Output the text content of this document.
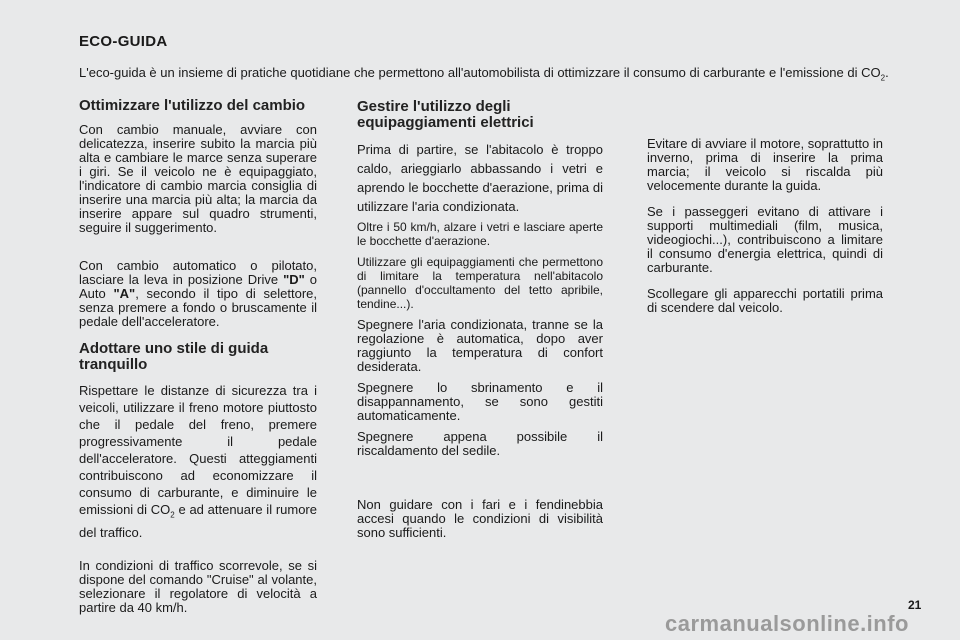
ECO-GUIDA
L'eco-guida è un insieme di pratiche quotidiane che permettono all'automobilista di ottimizzare il consumo di carburante e l'emissione di $CO_2$.
Ottimizzare l'utilizzo del cambio

Con cambio manuale, avviare con delicatezza, inserire subito la marcia più alta e cambiare le marce senza superare i giri. Se il veicolo ne è equipaggiato, l'indicatore di cambio marcia consiglia di inserire una marcia più alta; la marcia da inserire appare sul quadro strumenti, seguire il suggerimento.

Con cambio automatico o pilotato, lasciare la leva in posizione Drive "D" o Auto "A", secondo il tipo di selettore, senza premere a fondo o bruscamente il pedale dell'acceleratore.

Adottare uno stile di guida tranquillo

Rispettare le distanze di sicurezza tra i veicoli, utilizzare il freno motore piuttosto che il pedale del freno, premere progressivamente il pedale dell'acceleratore. Questi atteggiamenti contribuiscono ad economizzare il consumo di carburante, e diminuire le emissioni di $CO_2$ e ad attenuare il rumore del traffico.

In condizioni di traffico scorrevole, se si dispone del comando "Cruise" al volante, selezionare il regolatore di velocità a partire da 40 km/h.

Gestire l'utilizzo degli equipaggiamenti elettrici

Prima di partire, se l'abitacolo è troppo caldo, arieggiarlo abbassando i vetri e aprendo le bocchette d'aerazione, prima di utilizzare l'aria condizionata.

Oltre i 50 km/h, alzare i vetri e lasciare aperte le bocchette d'aerazione.

Utilizzare gli equipaggiamenti che permettono di limitare la temperatura nell'abitacolo (pannello d'occultamento del tetto apribile, tendine...).

Spegnere l'aria condizionata, tranne se la regolazione è automatica, dopo aver raggiunto la temperatura di confort desiderata.

Spegnere lo sbrinamento e il disappannamento, se sono gestiti automaticamente.

Spegnere appena possibile il riscaldamento del sedile.

Non guidare con i fari e i fendinebbia accesi quando le condizioni di visibilità sono sufficienti.

Evitare di avviare il motore, soprattutto in inverno, prima di inserire la prima marcia; il veicolo si riscalda più velocemente durante la guida.

Se i passeggeri evitano di attivare i supporti multimediali (film, musica, videogiochi...), contribuiscono a limitare il consumo d'energia elettrica, quindi di carburante.

Scollegare gli apparecchi portatili prima di scendere dal veicolo.

21
carmanualsonline.info
